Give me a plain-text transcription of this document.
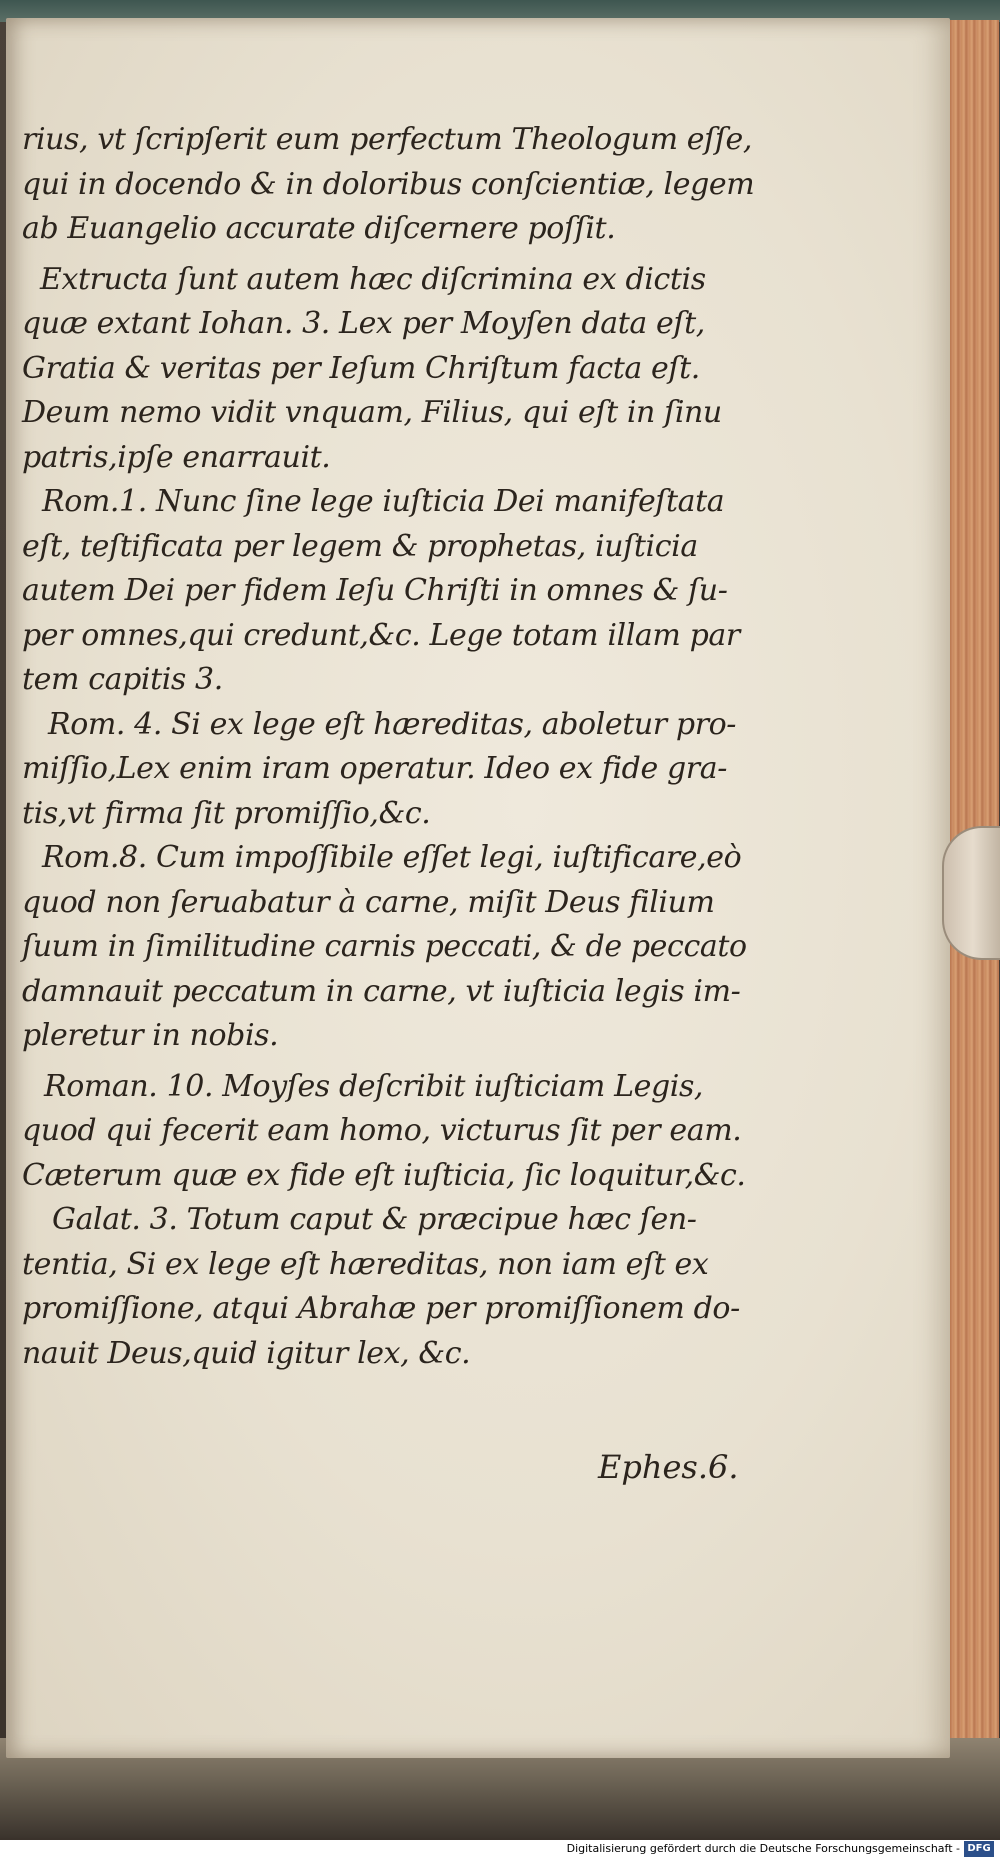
rius, vt ſcripſerit eum perfectum Theologum eſſe,
qui in docendo & in doloribus conſcientiæ, legem
ab Euangelio accurate diſcernere poſſit.
Extructa ſunt autem hæc diſcrimina ex dictis
quæ extant Iohan. 3. Lex per Moyſen data eſt,
Gratia & veritas per Ieſum Chriſtum facta eſt.
Deum nemo vidit vnquam, Filius, qui eſt in ſinu
patris,ipſe enarrauit.
Rom.1. Nunc ſine lege iuſticia Dei manifeſtata
eſt, teſtificata per legem & prophetas, iuſticia
autem Dei per fidem Ieſu Chriſti in omnes & ſu-
per omnes,qui credunt,&c. Lege totam illam par
tem capitis 3.
Rom. 4. Si ex lege eſt hæreditas, aboletur pro-
miſſio,Lex enim iram operatur. Ideo ex fide gra-
tis,vt firma ſit promiſſio,&c.
Rom.8. Cum impoſſibile eſſet legi, iuſtificare,eò
quod non ſeruabatur à carne, miſit Deus filium
ſuum in ſimilitudine carnis peccati, & de peccato
damnauit peccatum in carne, vt iuſticia legis im-
pleretur in nobis.
Roman. 10. Moyſes deſcribit iuſticiam Legis,
quod qui fecerit eam homo, victurus ſit per eam.
Cæterum quæ ex fide eſt iuſticia, ſic loquitur,&c.
Galat. 3. Totum caput & præcipue hæc ſen-
tentia, Si ex lege eſt hæreditas, non iam eſt ex
promiſſione, atqui Abrahæ per promiſſionem do-
nauit Deus,quid igitur lex, &c.
Ephes.6.
Digitalisierung gefördert durch die Deutsche Forschungsgemeinschaft - DFG
